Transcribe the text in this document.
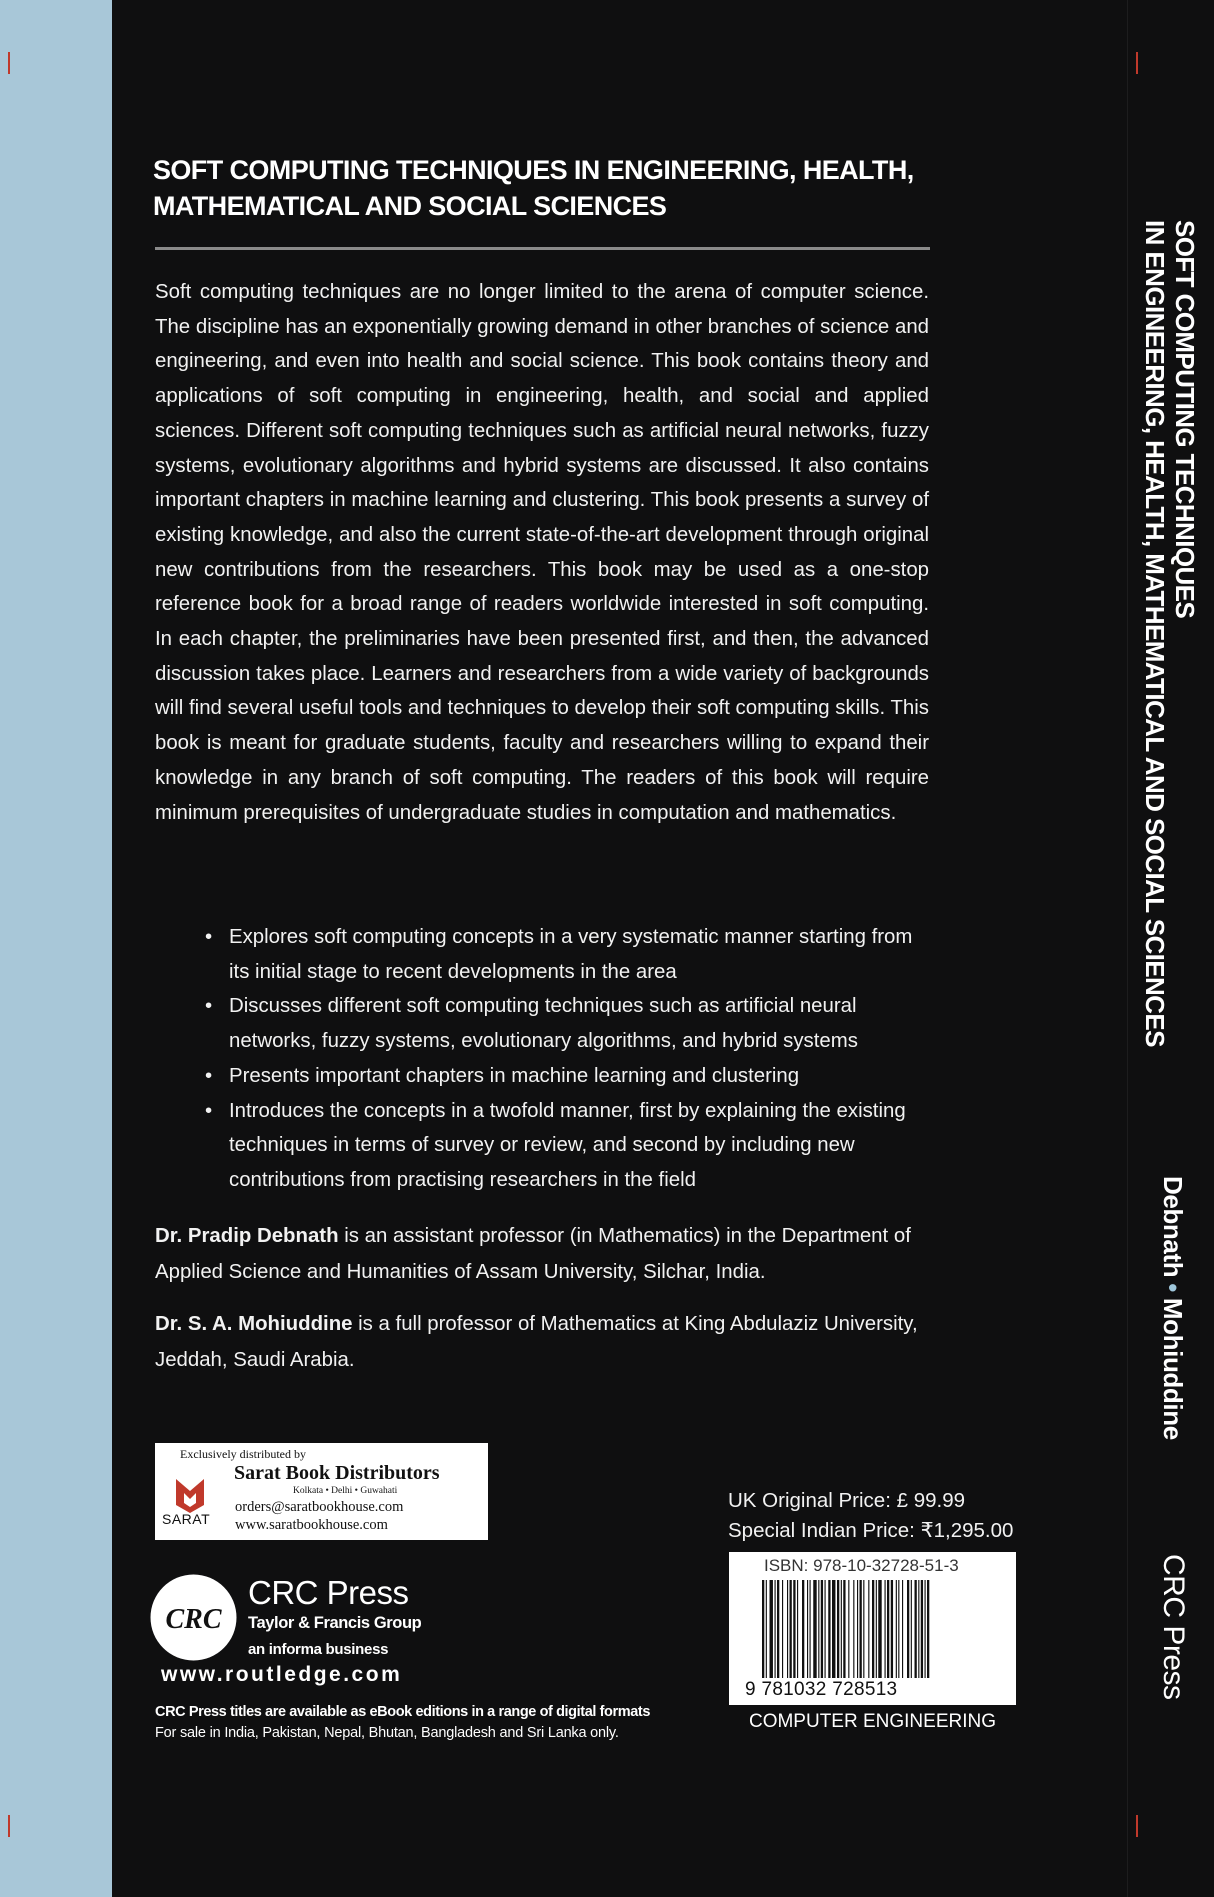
SOFT COMPUTING TECHNIQUES IN ENGINEERING, HEALTH, MATHEMATICAL AND SOCIAL SCIENCES

Soft computing techniques are no longer limited to the arena of computer science. The discipline has an exponentially growing demand in other branches of science and engineering, and even into health and social science. This book contains theory and applications of soft computing in engineering, health, and social and applied sciences. Different soft computing techniques such as artificial neural networks, fuzzy systems, evolutionary algorithms and hybrid systems are discussed. It also contains important chapters in machine learning and clustering. This book presents a survey of existing knowledge, and also the current state-of-the-art development through original new contributions from the researchers. This book may be used as a one-stop reference book for a broad range of readers worldwide interested in soft computing. In each chapter, the preliminaries have been presented first, and then, the advanced discussion takes place. Learners and researchers from a wide variety of backgrounds will find several useful tools and techniques to develop their soft computing skills. This book is meant for graduate students, faculty and researchers willing to expand their knowledge in any branch of soft computing. The readers of this book will require minimum prerequisites of undergraduate studies in computation and mathematics.

• Explores soft computing concepts in a very systematic manner starting from its initial stage to recent developments in the area
• Discusses different soft computing techniques such as artificial neural networks, fuzzy systems, evolutionary algorithms, and hybrid systems
• Presents important chapters in machine learning and clustering
• Introduces the concepts in a twofold manner, first by explaining the existing techniques in terms of survey or review, and second by including new contributions from practising researchers in the field

Dr. Pradip Debnath is an assistant professor (in Mathematics) in the Department of Applied Science and Humanities of Assam University, Silchar, India.

Dr. S. A. Mohiuddine is a full professor of Mathematics at King Abdulaziz University, Jeddah, Saudi Arabia.

Exclusively distributed by
SARAT
Sarat Book Distributors
Kolkata • Delhi • Guwahati
orders@saratbookhouse.com
www.saratbookhouse.com
CRC
CRC Press
Taylor & Francis Group
an informa business
www.routledge.com
CRC Press titles are available as eBook editions in a range of digital formats
For sale in India, Pakistan, Nepal, Bhutan, Bangladesh and Sri Lanka only.
UK Original Price: £ 99.99
Special Indian Price: ₹1,295.00
ISBN: 978-10-32728-51-3
9 781032 728513
COMPUTER ENGINEERING
SOFT COMPUTING TECHNIQUES
IN ENGINEERING, HEALTH, MATHEMATICAL AND SOCIAL SCIENCES
Debnath•Mohiuddine
CRC Press
